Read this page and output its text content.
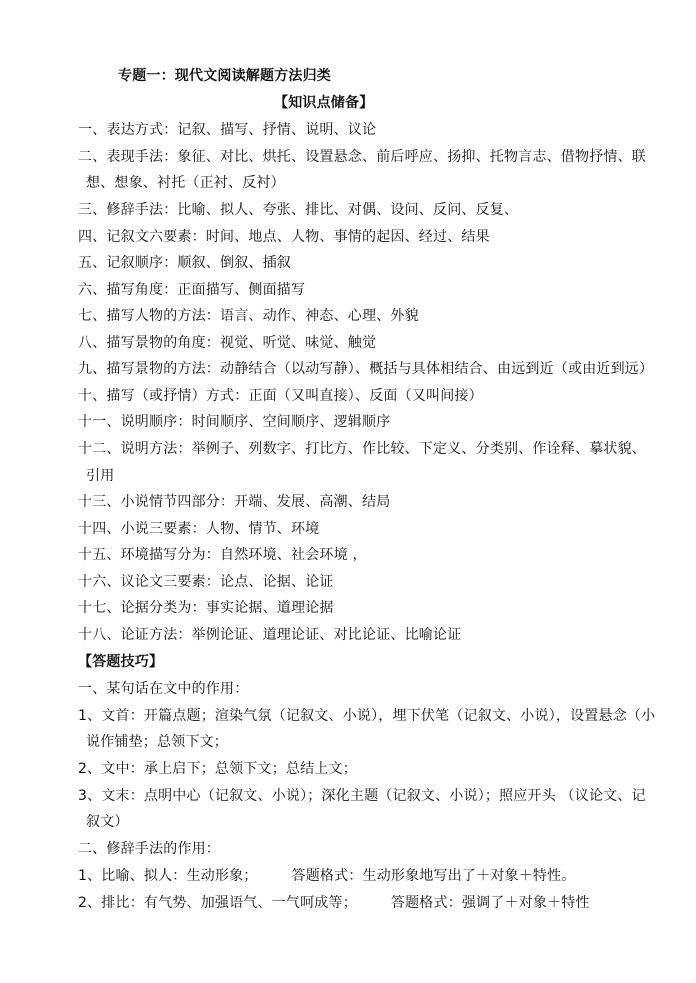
专题一：现代文阅读解题方法归类
【知识点储备】
一、表达方式：记叙、描写、抒情、说明、议论
二、表现手法：象征、对比、烘托、设置悬念、前后呼应、扬抑、托物言志、借物抒情、联
想、想象、衬托（正衬、反衬）
三、修辞手法：比喻、拟人、夸张、排比、对偶、设问、反问、反复、
四、记叙文六要素：时间、地点、人物、事情的起因、经过、结果
五、记叙顺序：顺叙、倒叙、插叙
六、描写角度：正面描写、侧面描写
七、描写人物的方法：语言、动作、神态、心理、外貌
八、描写景物的角度：视觉、听觉、味觉、触觉
九、描写景物的方法：动静结合（以动写静）、概括与具体相结合、由远到近（或由近到远）
十、描写（或抒情）方式：正面（又叫直接）、反面（又叫间接）
十一、说明顺序：时间顺序、空间顺序、逻辑顺序
十二、说明方法：举例子、列数字、打比方、作比较、下定义、分类别、作诠释、摹状貌、
引用
十三、小说情节四部分：开端、发展、高潮、结局
十四、小说三要素：人物、情节、环境
十五、环境描写分为：自然环境、社会环境 ，
十六、议论文三要素：论点、论据、论证
十七、论据分类为：事实论据、道理论据
十八、论证方法：举例论证、道理论证、对比论证、比喻论证
【答题技巧】
一、某句话在文中的作用：
1、文首：开篇点题；渲染气氛（记叙文、小说），埋下伏笔（记叙文、小说），设置悬念（小
说作铺垫；总领下文；
2、文中：承上启下；总领下文；总结上文；
3、文末：点明中心（记叙文、小说）；深化主题（记叙文、小说）；照应开头 （议论文、记
叙文）
二、修辞手法的作用：
1、比喻、拟人：生动形象； 答题格式：生动形象地写出了＋对象＋特性。
2、排比：有气势、加强语气、一气呵成等； 答题格式：强调了＋对象＋特性
